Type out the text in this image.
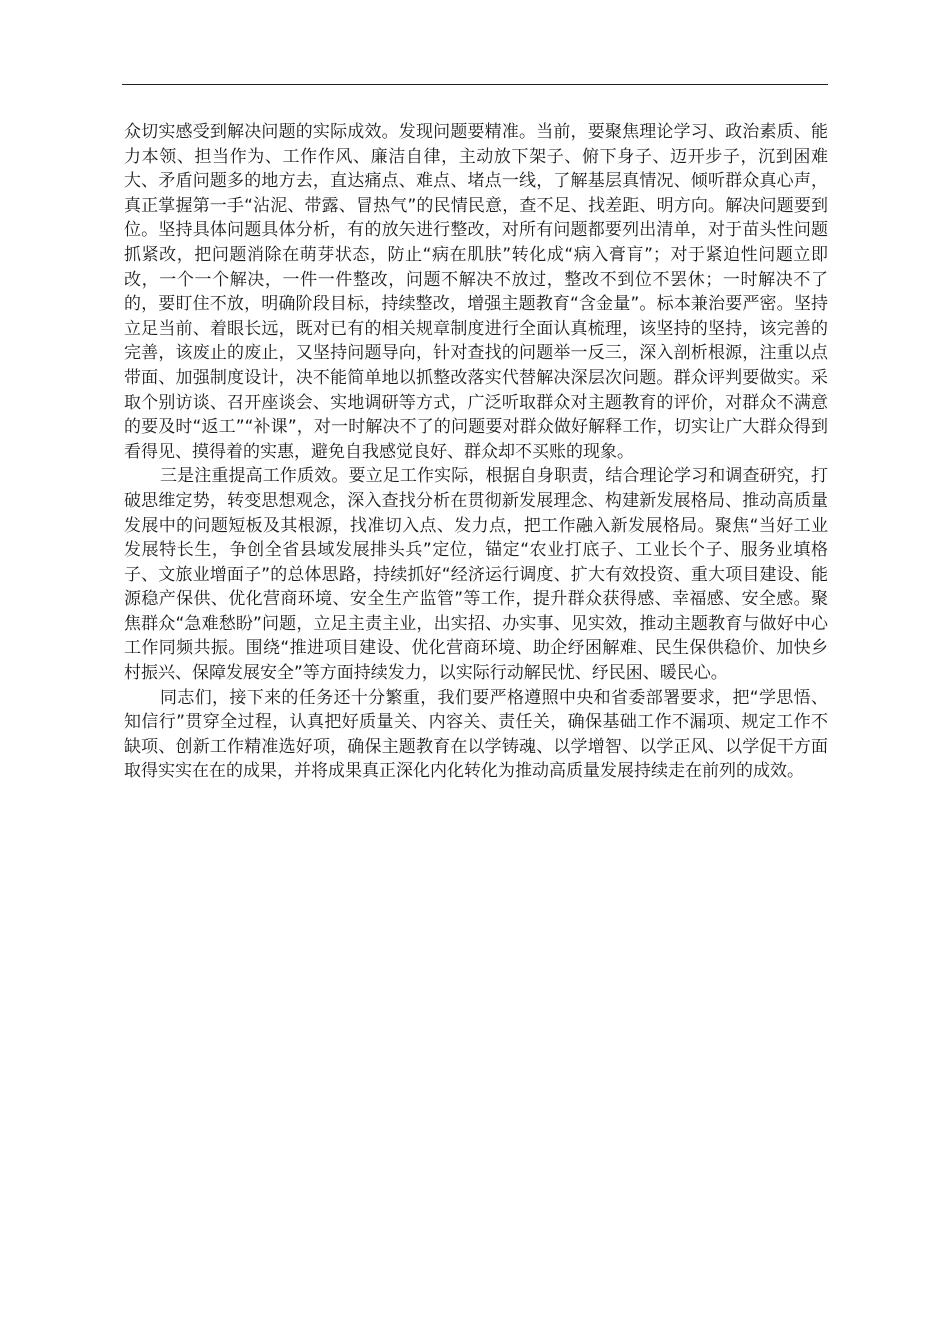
众切实感受到解决问题的实际成效。发现问题要精准。当前，要聚焦理论学习、政治素质、能力本领、担当作为、工作作风、廉洁自律，主动放下架子、俯下身子、迈开步子，沉到困难大、矛盾问题多的地方去，直达痛点、难点、堵点一线，了解基层真情况、倾听群众真心声，真正掌握第一手“沾泥、带露、冒热气”的民情民意，查不足、找差距、明方向。解决问题要到位。坚持具体问题具体分析，有的放矢进行整改，对所有问题都要列出清单，对于苗头性问题抓紧改，把问题消除在萌芽状态，防止“病在肌肤”转化成“病入膏肓”；对于紧迫性问题立即改，一个一个解决，一件一件整改，问题不解决不放过，整改不到位不罢休；一时解决不了的，要盯住不放，明确阶段目标，持续整改，增强主题教育“含金量”。标本兼治要严密。坚持立足当前、着眼长远，既对已有的相关规章制度进行全面认真梳理，该坚持的坚持，该完善的完善，该废止的废止，又坚持问题导向，针对查找的问题举一反三，深入剖析根源，注重以点带面、加强制度设计，决不能简单地以抓整改落实代替解决深层次问题。群众评判要做实。采取个别访谈、召开座谈会、实地调研等方式，广泛听取群众对主题教育的评价，对群众不满意的要及时“返工”“补课”，对一时解决不了的问题要对群众做好解释工作，切实让广大群众得到看得见、摸得着的实惠，避免自我感觉良好、群众却不买账的现象。

三是注重提高工作质效。要立足工作实际，根据自身职责，结合理论学习和调查研究，打破思维定势，转变思想观念，深入查找分析在贯彻新发展理念、构建新发展格局、推动高质量发展中的问题短板及其根源，找准切入点、发力点，把工作融入新发展格局。聚焦“当好工业发展特长生，争创全省县域发展排头兵”定位，锚定“农业打底子、工业长个子、服务业填格子、文旅业增面子”的总体思路，持续抓好“经济运行调度、扩大有效投资、重大项目建设、能源稳产保供、优化营商环境、安全生产监管”等工作，提升群众获得感、幸福感、安全感。聚焦群众“急难愁盼”问题，立足主责主业，出实招、办实事、见实效，推动主题教育与做好中心工作同频共振。围绕“推进项目建设、优化营商环境、助企纾困解难、民生保供稳价、加快乡村振兴、保障发展安全”等方面持续发力，以实际行动解民忧、纾民困、暖民心。

同志们，接下来的任务还十分繁重，我们要严格遵照中央和省委部署要求，把“学思悟、知信行”贯穿全过程，认真把好质量关、内容关、责任关，确保基础工作不漏项、规定工作不缺项、创新工作精准选好项，确保主题教育在以学铸魂、以学增智、以学正风、以学促干方面取得实实在在的成果，并将成果真正深化内化转化为推动高质量发展持续走在前列的成效。
